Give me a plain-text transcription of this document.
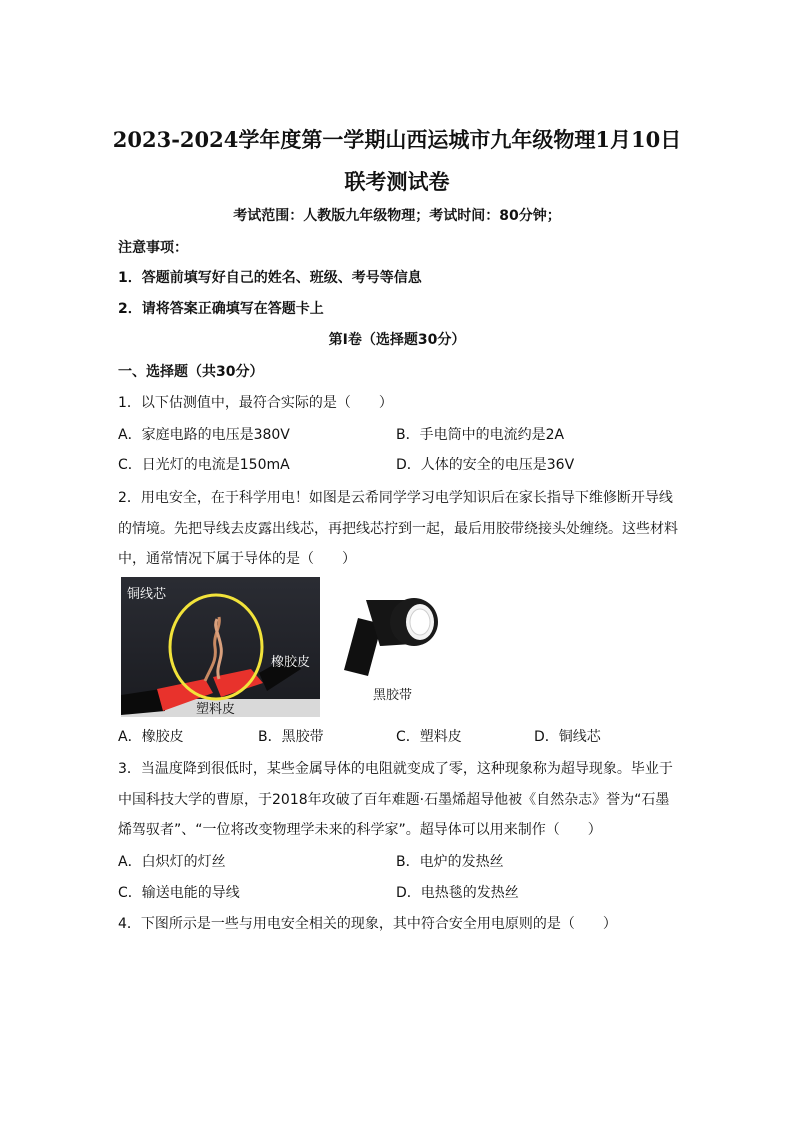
2023-2024学年度第一学期山西运城市九年级物理1月10日
联考测试卷
考试范围：人教版九年级物理；考试时间：80分钟；
注意事项：
1．答题前填写好自己的姓名、班级、考号等信息
2．请将答案正确填写在答题卡上
第I卷（选择题30分）
一、选择题（共30分）
1．以下估测值中，最符合实际的是（　　）
A．家庭电路的电压是380V	B．手电筒中的电流约是2A
C．日光灯的电流是150mA	D．人体的安全的电压是36V
2．用电安全，在于科学用电！如图是云希同学学习电学知识后在家长指导下维修断开导线
的情境。先把导线去皮露出线芯，再把线芯拧到一起，最后用胶带绕接头处缠绕。这些材料
中，通常情况下属于导体的是（　　）
铜线芯
橡胶皮
塑料皮
黑胶带
A．橡胶皮	B．黑胶带	C．塑料皮	D．铜线芯
3．当温度降到很低时，某些金属导体的电阻就变成了零，这种现象称为超导现象。毕业于
中国科技大学的曹原，于2018年攻破了百年难题·石墨烯超导他被《自然杂志》誉为“石墨
烯驾驭者”、“一位将改变物理学未来的科学家”。超导体可以用来制作（　　）
A．白炽灯的灯丝	B．电炉的发热丝
C．输送电能的导线	D．电热毯的发热丝
4．下图所示是一些与用电安全相关的现象，其中符合安全用电原则的是（　　）
